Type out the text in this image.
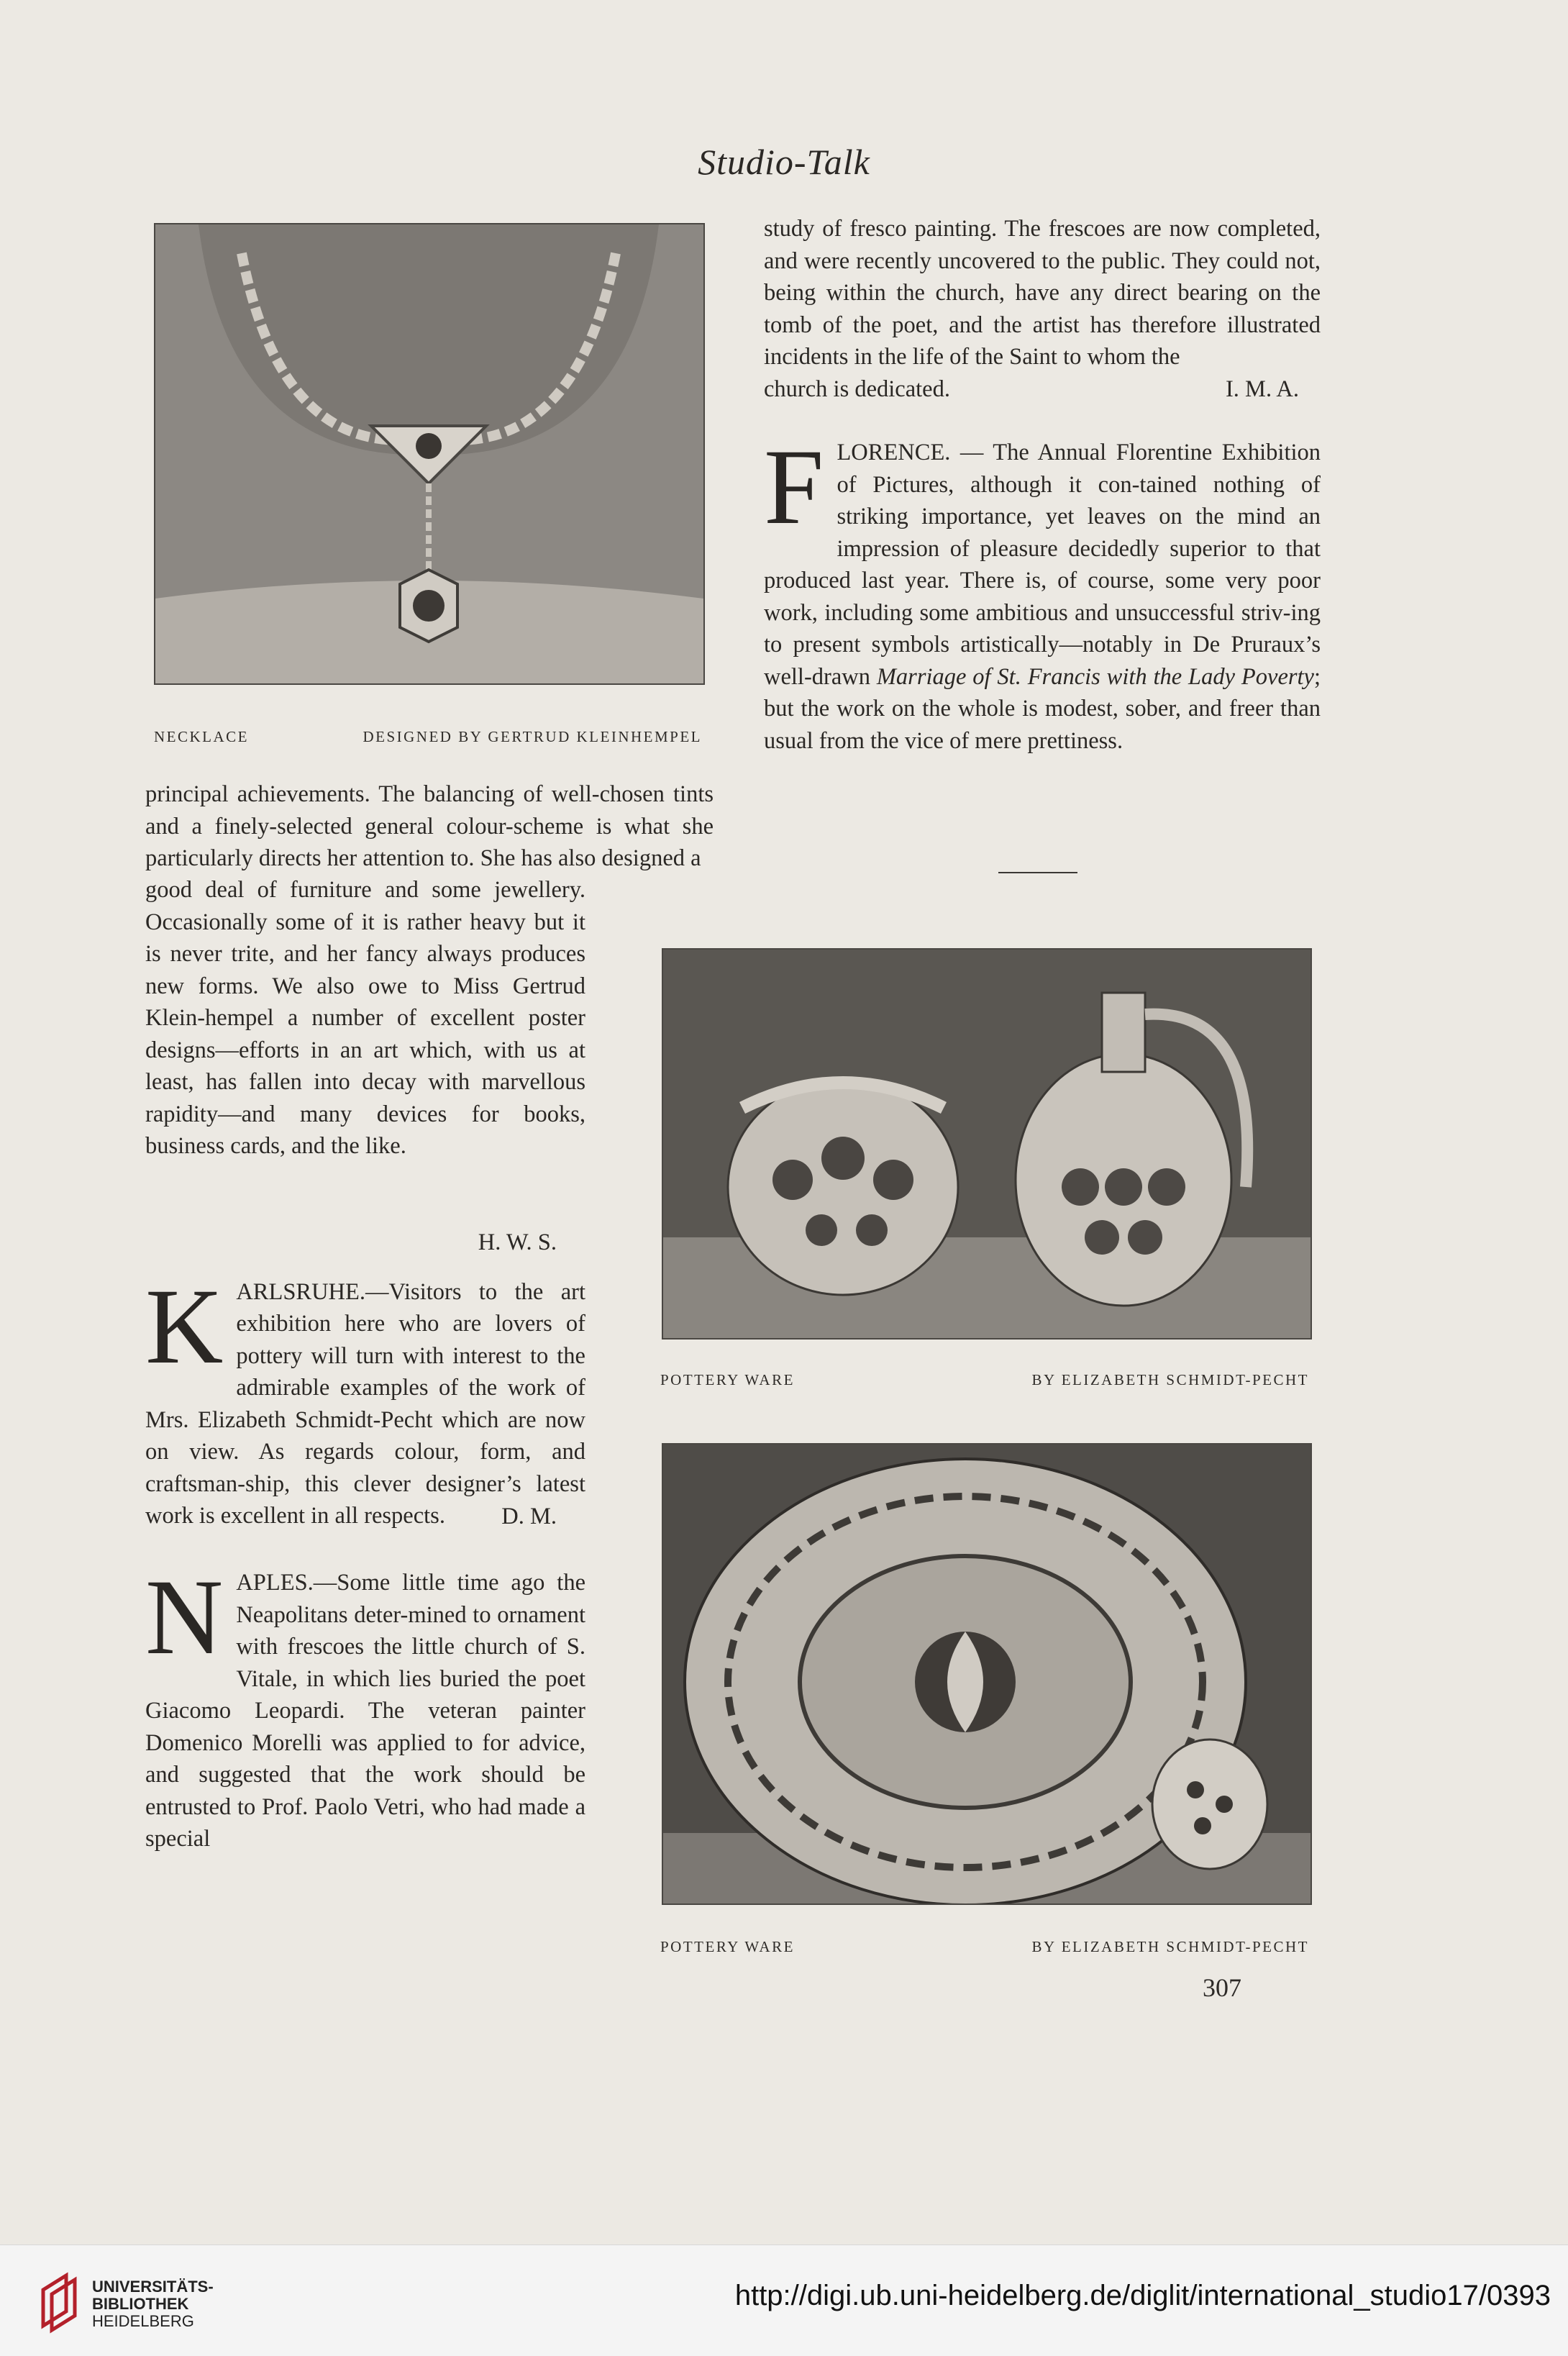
Studio-Talk
NECKLACE	DESIGNED BY GERTRUD KLEINHEMPEL

principal achievements. The balancing of well-chosen tints and a finely-selected general colour-scheme is what she particularly directs her attention to. She has also designed a

good deal of furniture and some jewellery. Occasionally some of it is rather heavy but it is never trite, and her fancy always produces new forms. We also owe to Miss Gertrud Klein-hempel a number of excellent poster designs—efforts in an art which, with us at least, has fallen into decay with marvellous rapidity—and many devices for books, business cards, and the like.

H. W. S.

K ARLSRUHE.—Visitors to the art exhibition here who are lovers of pottery will turn with interest to the admirable examples of the work of Mrs. Elizabeth Schmidt-Pecht which are now on view. As regards colour, form, and craftsman-ship, this clever designer’s latest work is excellent in all respects.	D. M.

N APLES.—Some little time ago the Neapolitans deter-mined to ornament with frescoes the little church of S. Vitale, in which lies buried the poet Giacomo Leopardi. The veteran painter Domenico Morelli was applied to for advice, and suggested that the work should be entrusted to Prof. Paolo Vetri, who had made a special

study of fresco painting. The frescoes are now completed, and were recently uncovered to the public. They could not, being within the church, have any direct bearing on the tomb of the poet, and the artist has therefore illustrated incidents in the life of the Saint to whom the

church is dedicated.	I. M. A.

F LORENCE. — The Annual Florentine Exhibition of Pictures, although it con-tained nothing of striking importance, yet leaves on the mind an impression of pleasure decidedly superior to that produced last year. There is, of course, some very poor work, including some ambitious and unsuccessful striv-ing to present symbols artistically—notably in De Pruraux’s well-drawn Marriage of St. Francis with the Lady Poverty; but the work on the whole is modest, sober, and freer than usual from the vice of mere prettiness.

POTTERY WARE	BY ELIZABETH SCHMIDT-PECHT
POTTERY WARE	BY ELIZABETH SCHMIDT-PECHT
307
UNIVERSITÄTS-
BIBLIOTHEK
HEIDELBERG
http://digi.ub.uni-heidelberg.de/diglit/international_studio17/0393
